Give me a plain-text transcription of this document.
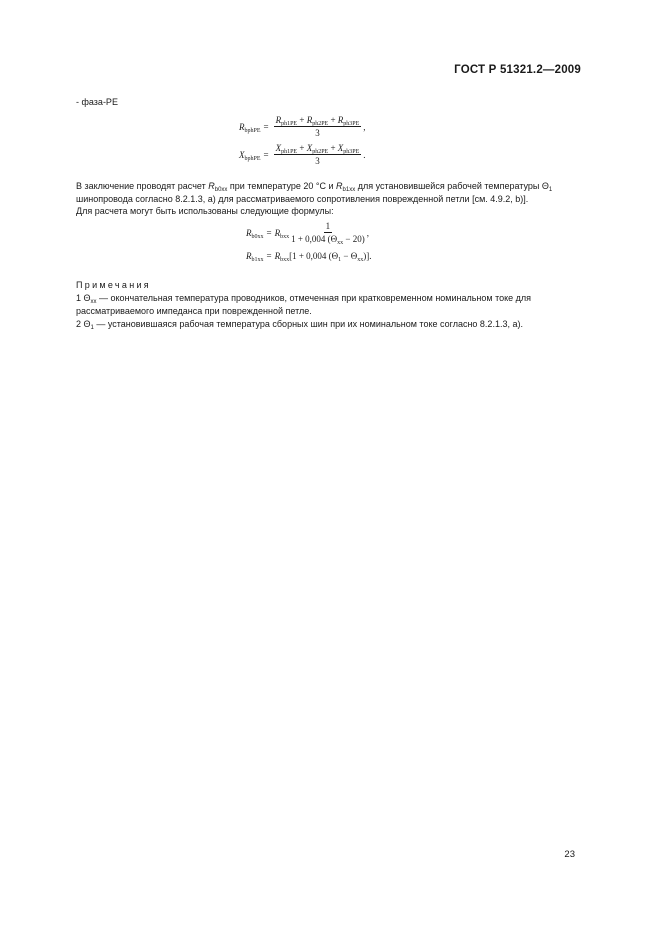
ГОСТ Р 51321.2—2009
- фаза-PE
$R_{bphPE} = \frac{R_{ph1PE} + R_{ph2PE} + R_{ph3PE}}{3}$ ,
$X_{bphPE} = \frac{X_{ph1PE} + X_{ph2PE} + X_{ph3PE}}{3}$ .
В заключение проводят расчет $R_{b0xx}$ при температуре 20 °С и $R_{b1xx}$ для установившейся рабочей температуры $\Theta_1$ шинопровода согласно 8.2.1.3, а) для рассматриваемого сопротивления поврежденной петли [см. 4.9.2, b)].
Для расчета могут быть использованы следующие формулы:
$R_{b0xx} = R_{bxx} \frac{1}{1 + 0,004 (\Theta_{xx} - 20)}$ ,
$R_{b1xx} = R_{bxx}[1 + 0,004$ $(\Theta_1 - \Theta_{xx})$].
Примечания
1 $\Theta_{xx}$ — окончательная температура проводников, отмеченная при кратковременном номинальном токе для рассматриваемого импеданса при поврежденной петле.
2 $\Theta_1$ — установившаяся рабочая температура сборных шин при их номинальном токе согласно 8.2.1.3, а).
23
